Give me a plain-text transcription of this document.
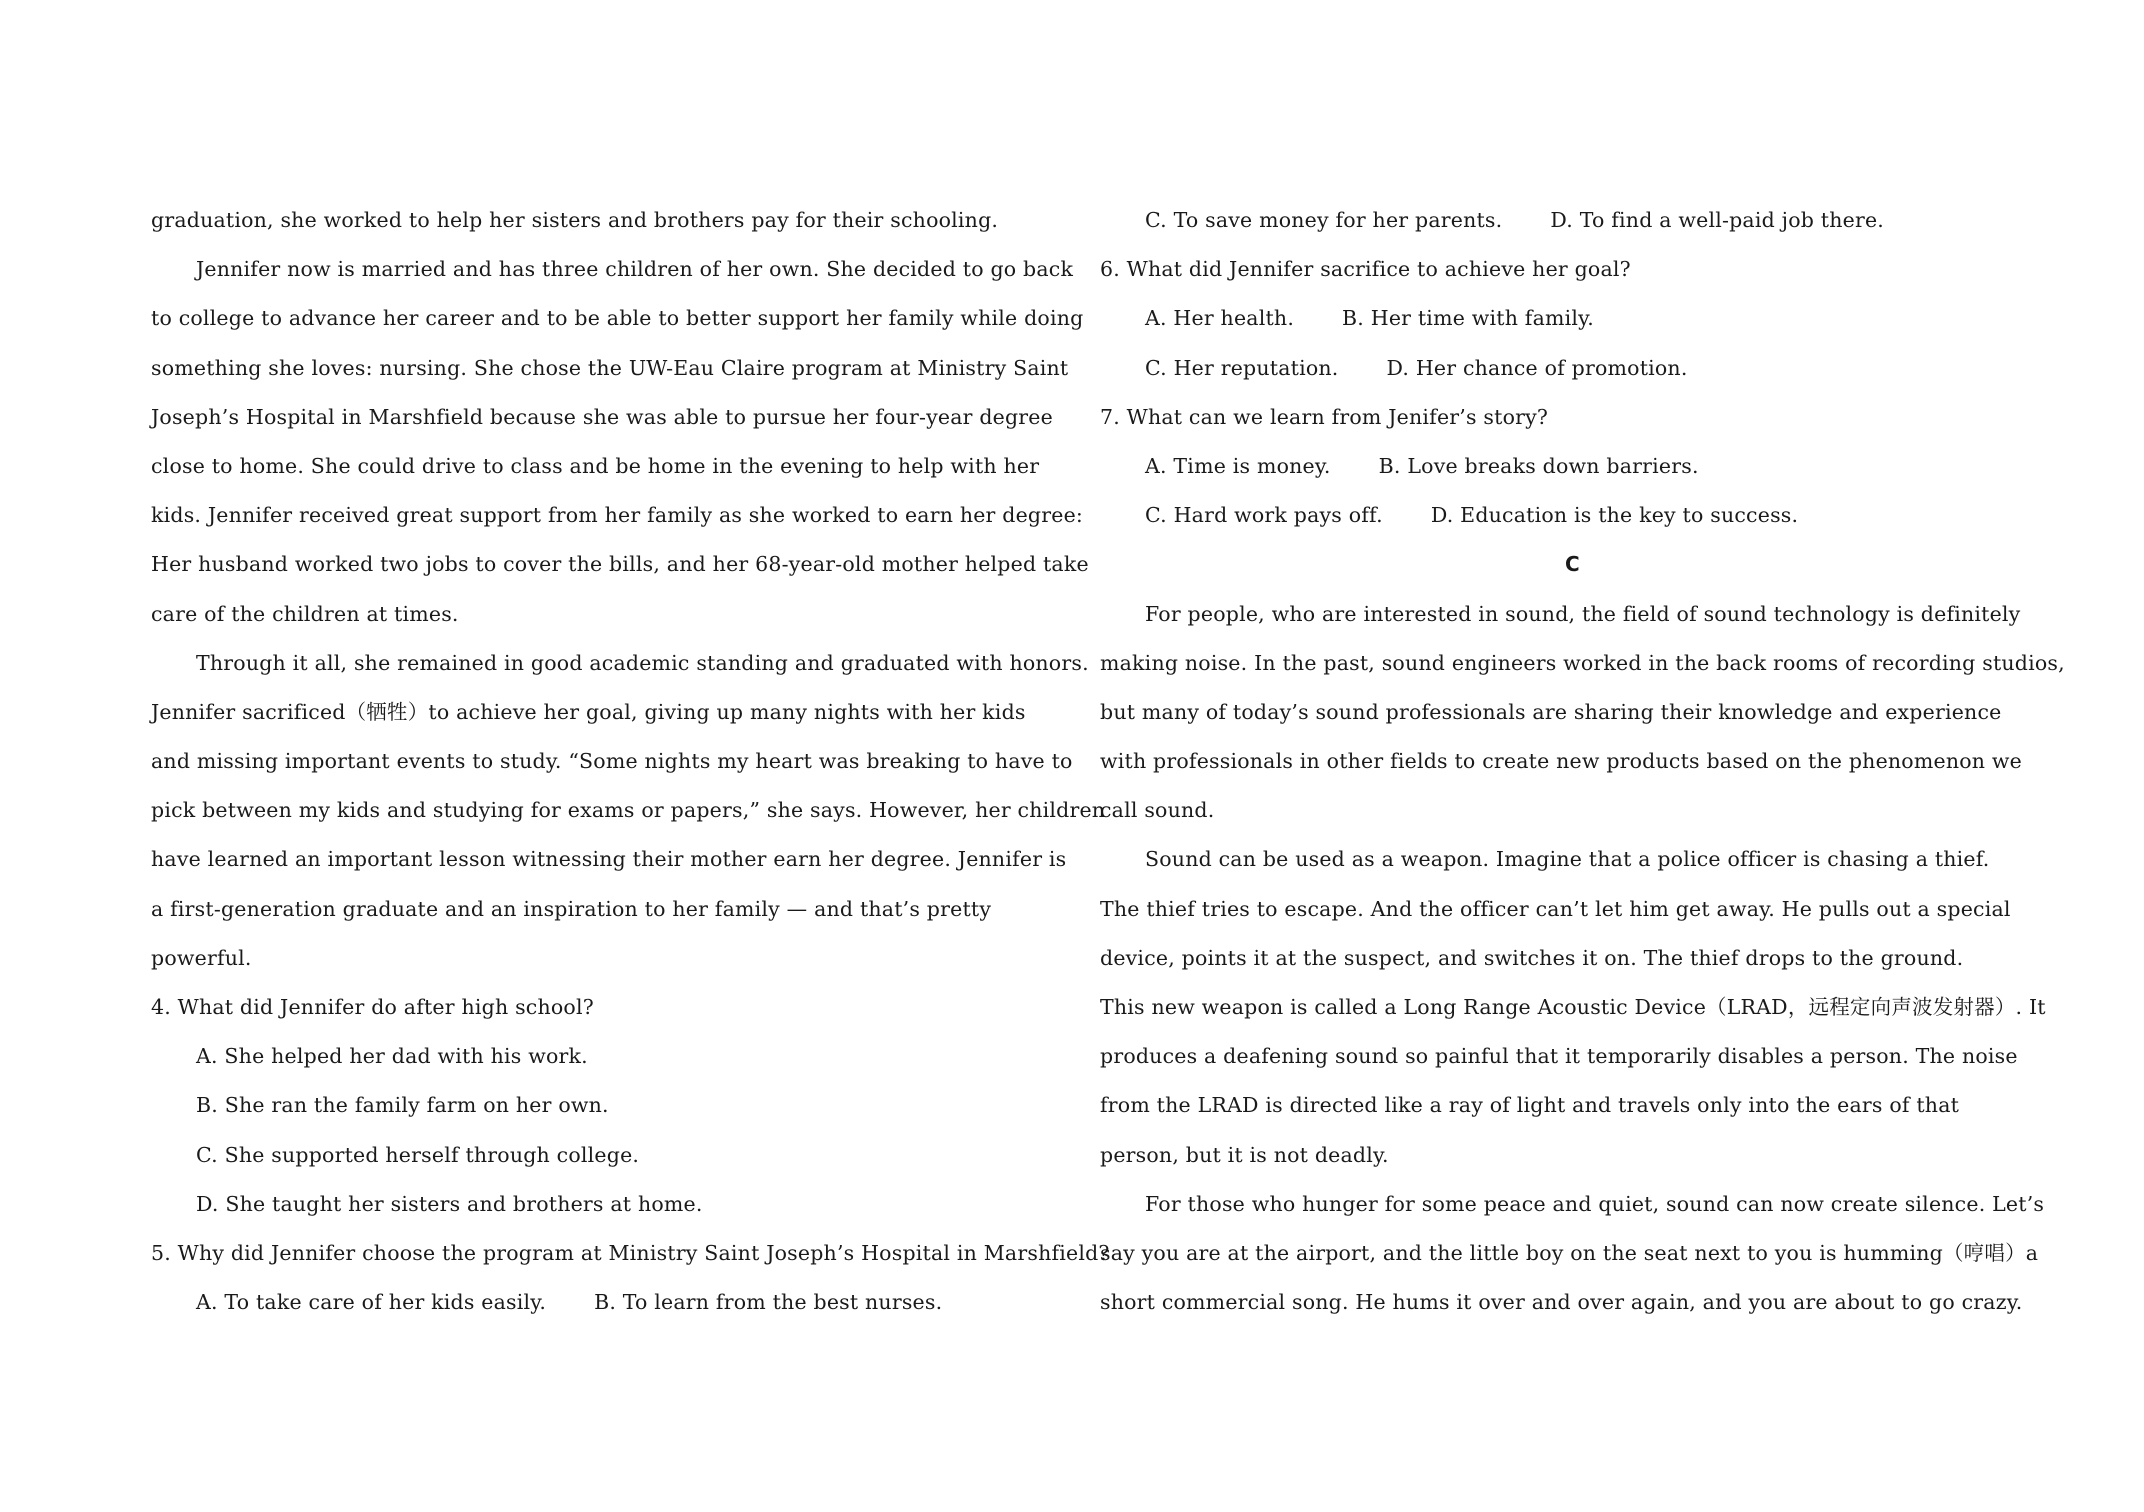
graduation, she worked to help her sisters and brothers pay for their schooling.
Jennifer now is married and has three children of her own. She decided to go back
to college to advance her career and to be able to better support her family while doing
something she loves: nursing. She chose the UW-Eau Claire program at Ministry Saint
Joseph’s Hospital in Marshfield because she was able to pursue her four-year degree
close to home. She could drive to class and be home in the evening to help with her
kids. Jennifer received great support from her family as she worked to earn her degree:
Her husband worked two jobs to cover the bills, and her 68-year-old mother helped take
care of the children at times.
Through it all, she remained in good academic standing and graduated with honors.
Jennifer sacrificed（牺牲）to achieve her goal, giving up many nights with her kids
and missing important events to study. “Some nights my heart was breaking to have to
pick between my kids and studying for exams or papers,” she says. However, her children
have learned an important lesson witnessing their mother earn her degree. Jennifer is
a first-generation graduate and an inspiration to her family — and that’s pretty
powerful.
4. What did Jennifer do after high school?
A. She helped her dad with his work.
B. She ran the family farm on her own.
C. She supported herself through college.
D. She taught her sisters and brothers at home.
5. Why did Jennifer choose the program at Ministry Saint Joseph’s Hospital in Marshfield?
A. To take care of her kids easily. B. To learn from the best nurses.
C. To save money for her parents. D. To find a well-paid job there.
6. What did Jennifer sacrifice to achieve her goal?
A. Her health. B. Her time with family.
C. Her reputation. D. Her chance of promotion.
7. What can we learn from Jenifer’s story?
A. Time is money. B. Love breaks down barriers.
C. Hard work pays off. D. Education is the key to success.
C
For people, who are interested in sound, the field of sound technology is definitely
making noise. In the past, sound engineers worked in the back rooms of recording studios,
but many of today’s sound professionals are sharing their knowledge and experience
with professionals in other fields to create new products based on the phenomenon we
call sound.
Sound can be used as a weapon. Imagine that a police officer is chasing a thief.
The thief tries to escape. And the officer can’t let him get away. He pulls out a special
device, points it at the suspect, and switches it on. The thief drops to the ground.
This new weapon is called a Long Range Acoustic Device（LRAD，远程定向声波发射器）. It
produces a deafening sound so painful that it temporarily disables a person. The noise
from the LRAD is directed like a ray of light and travels only into the ears of that
person, but it is not deadly.
For those who hunger for some peace and quiet, sound can now create silence. Let’s
say you are at the airport, and the little boy on the seat next to you is humming（哼唱）a
short commercial song. He hums it over and over again, and you are about to go crazy.
